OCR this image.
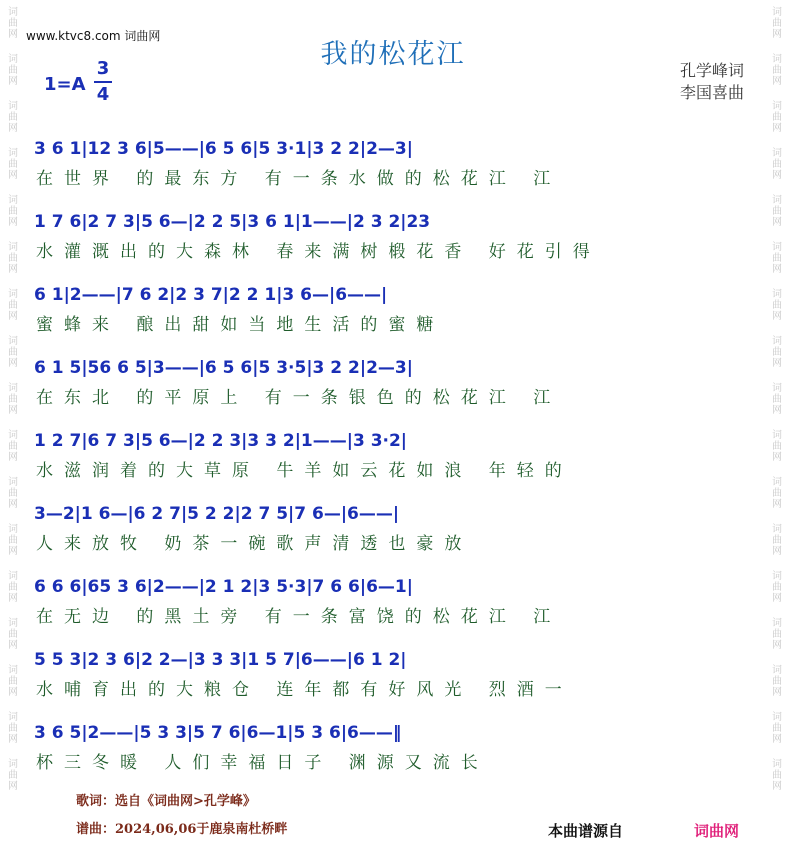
词曲网
词曲网
词曲网
词曲网
词曲网
词曲网
词曲网
词曲网
词曲网
词曲网
词曲网
词曲网
词曲网
词曲网
词曲网
词曲网
词曲网
词曲网
词曲网
词曲网
词曲网
词曲网
词曲网
词曲网
词曲网
词曲网
词曲网
词曲网
词曲网
词曲网
词曲网
词曲网
词曲网
词曲网
www.ktvc8.com 词曲网
我的松花江
1=A
3
4
孔学峰词
李国喜曲
3 6 1|12 3 6|5——|6 5 6|5 3·1|3 2 2|2—3|
在世界 的最东方 有一条水做的松花江 江
1 7 6|2 7 3|5 6—|2 2 5|3 6 1|1——|2 3 2|23
水灌溉出的大森林 春来满树椴花香 好花引得
6 1|2——|7 6 2|2 3 7|2 2 1|3 6—|6——|
蜜蜂来 酿出甜如当地生活的蜜糖
6 1 5|56 6 5|3——|6 5 6|5 3·5|3 2 2|2—3|
在东北 的平原上 有一条银色的松花江 江
1 2 7|6 7 3|5 6—|2 2 3|3 3 2|1——|3 3·2|
水滋润着的大草原 牛羊如云花如浪 年轻的
3—2|1 6—|6 2 7|5 2 2|2 7 5|7 6—|6——|
人来放牧 奶茶一碗歌声清透也豪放
6 6 6|65 3 6|2——|2 1 2|3 5·3|7 6 6|6—1|
在无边 的黑土旁 有一条富饶的松花江 江
5 5 3|2 3 6|2 2—|3 3 3|1 5 7|6——|6 1 2|
水哺育出的大粮仓 连年都有好风光 烈酒一
3 6 5|2——|5 3 3|5 7 6|6—1|5 3 6|6——‖
杯三冬暖 人们幸福日子 渊源又流长
歌词：选自《词曲网>孔学峰》
谱曲：2024,06,06于鹿泉南杜桥畔	本曲谱源自	词曲网
